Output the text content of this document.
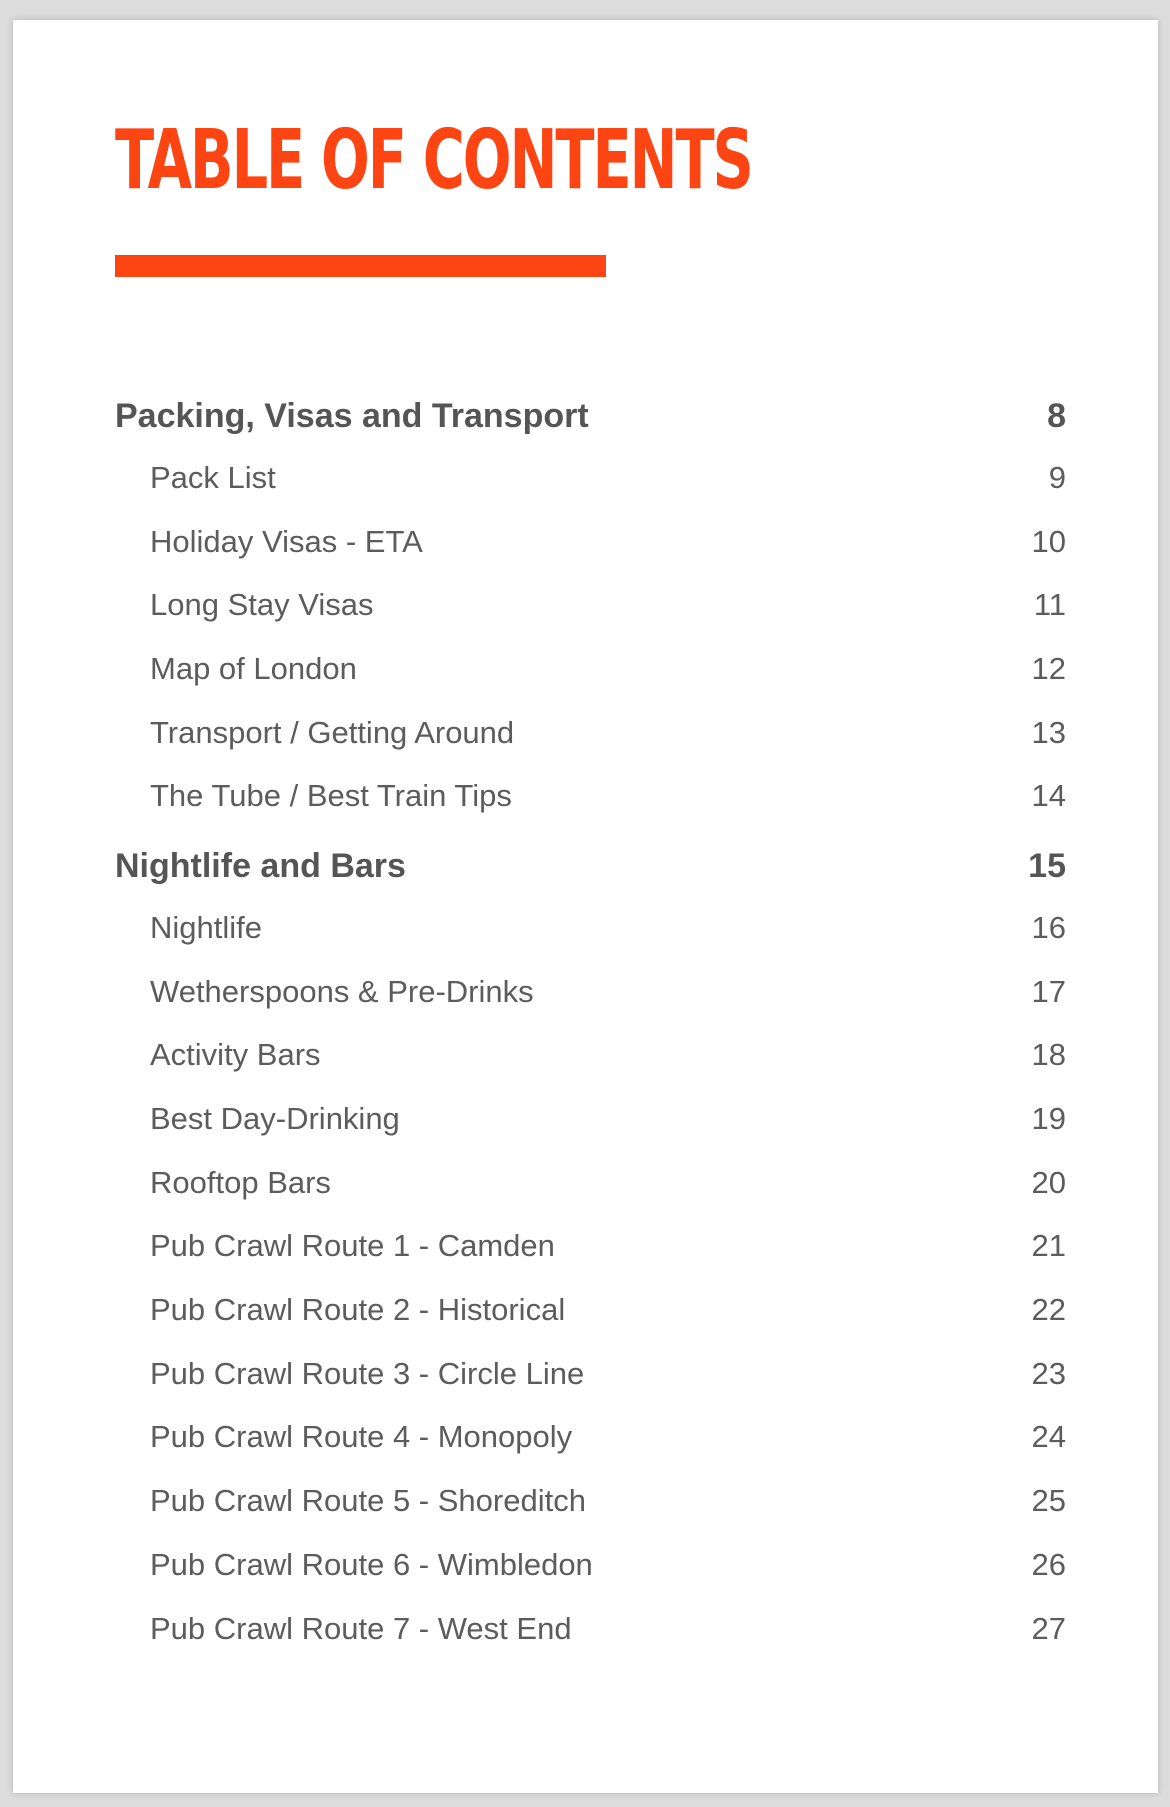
TABLE OF CONTENTS
Packing, Visas and Transport	8
Pack List	9
Holiday Visas - ETA	10
Long Stay Visas	11
Map of London	12
Transport / Getting Around	13
The Tube / Best Train Tips	14
Nightlife and Bars	15
Nightlife	16
Wetherspoons & Pre-Drinks	17
Activity Bars	18
Best Day-Drinking	19
Rooftop Bars	20
Pub Crawl Route 1 - Camden	21
Pub Crawl Route 2 - Historical	22
Pub Crawl Route 3 - Circle Line	23
Pub Crawl Route 4 - Monopoly	24
Pub Crawl Route 5 - Shoreditch	25
Pub Crawl Route 6 - Wimbledon	26
Pub Crawl Route 7 - West End	27
